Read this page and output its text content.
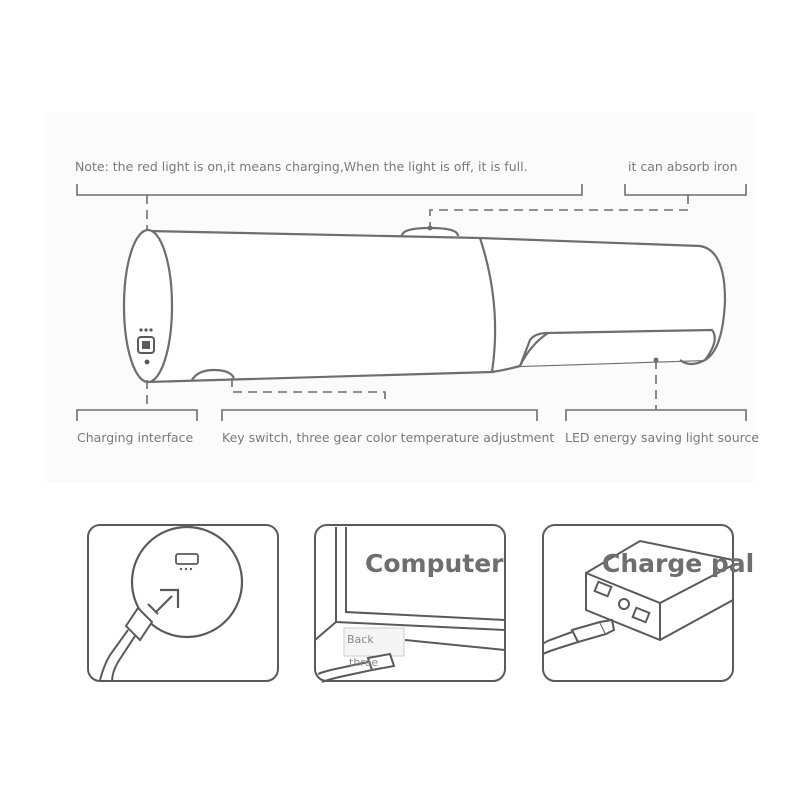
Note: the red light is on,it means charging,When the light is off, it is full.	it can absorb iron
Charging interface Key switch, three gear color temperature adjustment LED energy saving light source
Computer	Charge pal
Back
three
